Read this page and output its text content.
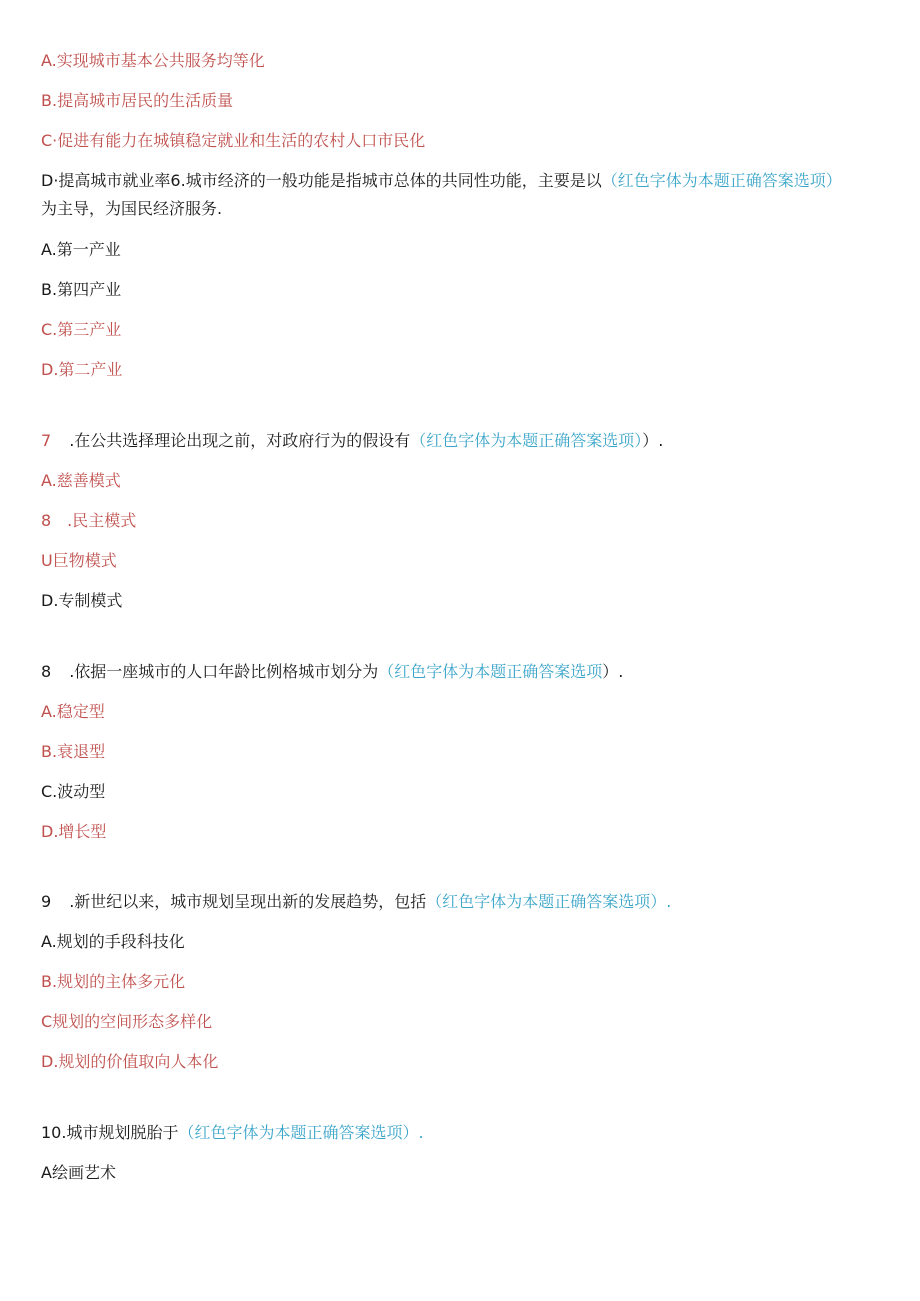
A.实现城市基本公共服务均等化
B.提高城市居民的生活质量
C·促进有能力在城镇稳定就业和生活的农村人口市民化
D·提高城市就业率6.城市经济的一般功能是指城市总体的共同性功能，主要是以（红色字体为本题正确答案选项）
为主导，为国民经济服务.
A.第一产业
B.第四产业
C.第三产业
D.第二产业
7 .在公共选择理论出现之前，对政府行为的假设有（红色字体为本题正确答案选项））.
A.慈善模式
8　.民主模式
U巨物模式
D.专制模式
8 .依据一座城市的人口年龄比例格城市划分为（红色字体为本题正确答案选项）.
A.稳定型
B.衰退型
C.波动型
D.增长型
9 .新世纪以来，城市规划呈现出新的发展趋势，包括（红色字体为本题正确答案选项）.
A.规划的手段科技化
B.规划的主体多元化
C规划的空间形态多样化
D.规划的价值取向人本化
10.城市规划脱胎于（红色字体为本题正确答案选项）.
A绘画艺术
